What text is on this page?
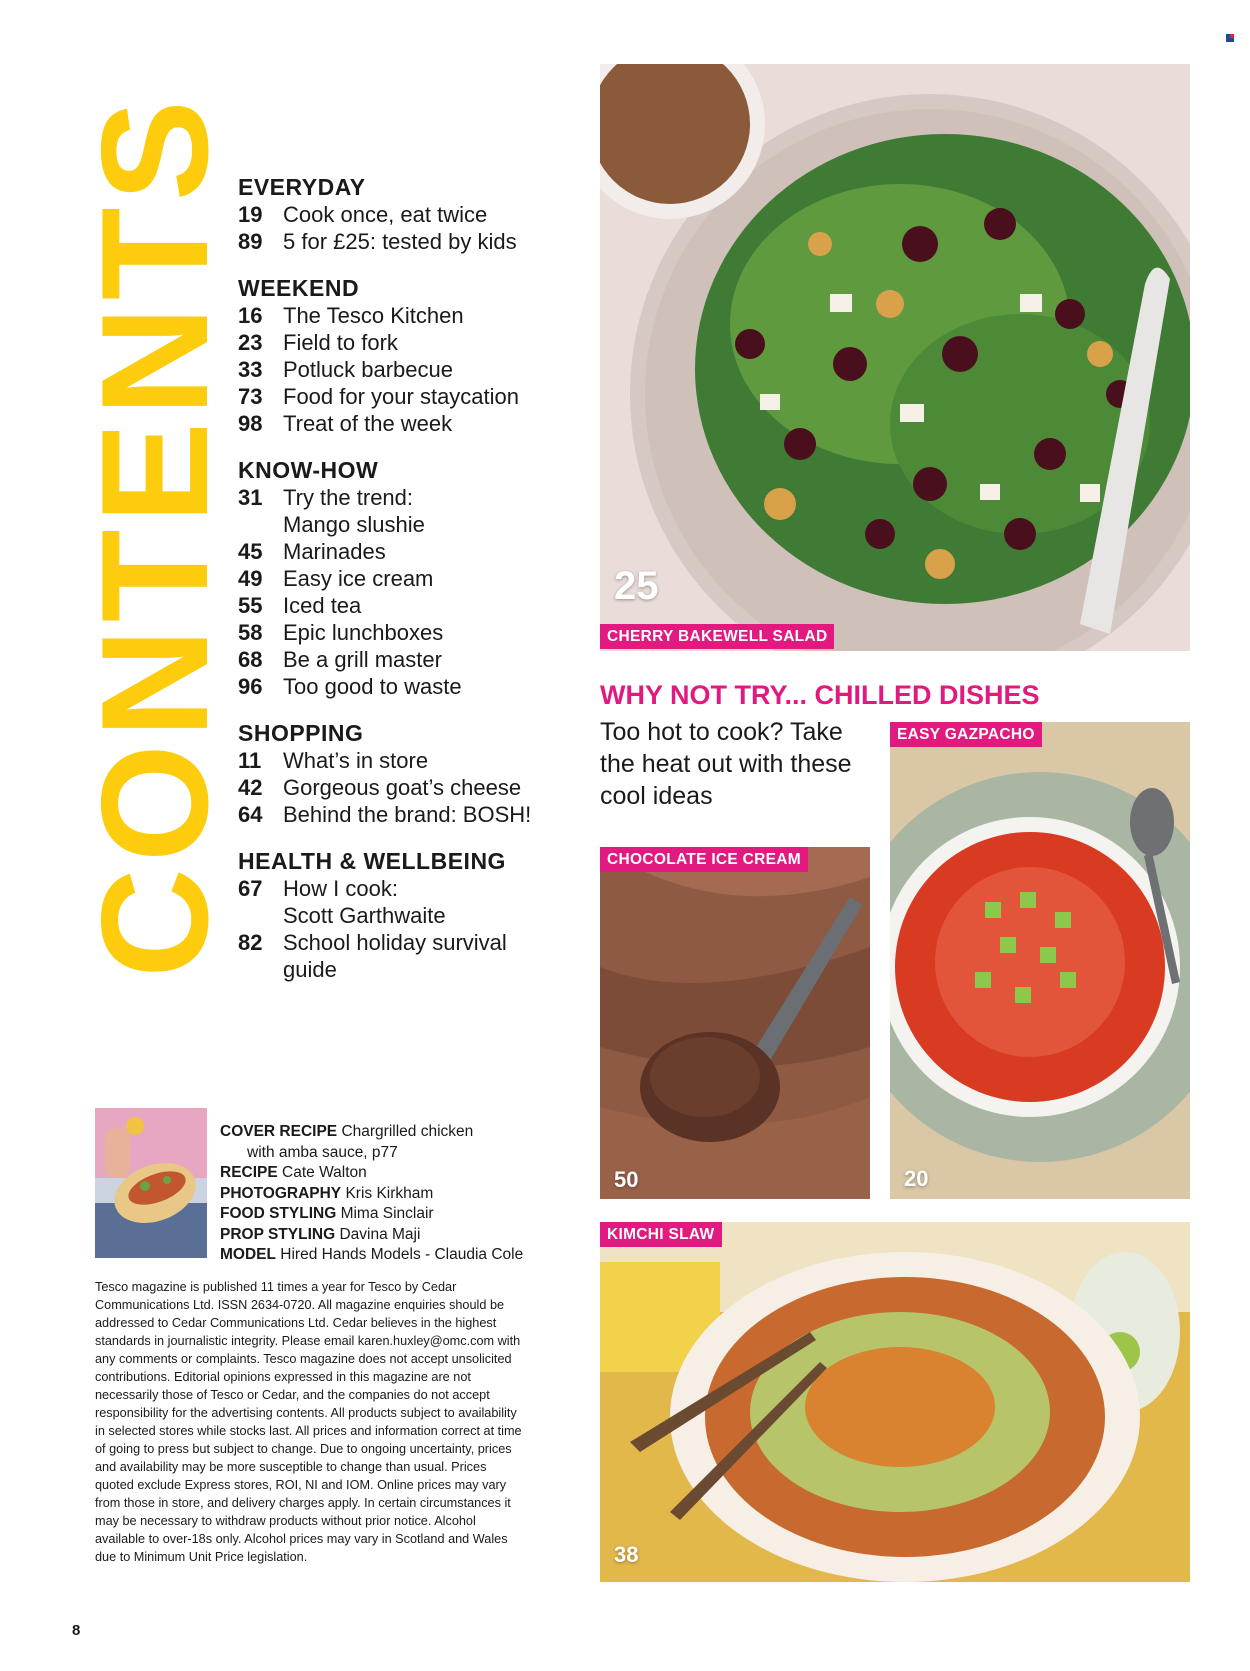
CONTENTS
EVERYDAY
19 Cook once, eat twice
89 5 for £25: tested by kids
WEEKEND
16 The Tesco Kitchen
23 Field to fork
33 Potluck barbecue
73 Food for your staycation
98 Treat of the week
KNOW-HOW
31 Try the trend:
Mango slushie
45 Marinades
49 Easy ice cream
55 Iced tea
58 Epic lunchboxes
68 Be a grill master
96 Too good to waste
SHOPPING
11 What’s in store
42 Gorgeous goat’s cheese
64 Behind the brand: BOSH!
HEALTH & WELLBEING
67 How I cook:
Scott Garthwaite
82 School holiday survival
guide
COVER RECIPE Chargrilled chicken
with amba sauce, p77
RECIPE Cate Walton
PHOTOGRAPHY Kris Kirkham
FOOD STYLING Mima Sinclair
PROP STYLING Davina Maji
MODEL Hired Hands Models - Claudia Cole
Tesco magazine is published 11 times a year for Tesco by Cedar Communications Ltd. ISSN 2634-0720. All magazine enquiries should be addressed to Cedar Communications Ltd. Cedar believes in the highest standards in journalistic integrity. Please email karen.huxley@omc.com with any comments or complaints. Tesco magazine does not accept unsolicited contributions. Editorial opinions expressed in this magazine are not necessarily those of Tesco or Cedar, and the companies do not accept responsibility for the advertising contents. All products subject to availability in selected stores while stocks last. All prices and information correct at time of going to press but subject to change. Due to ongoing uncertainty, prices and availability may be more susceptible to change than usual. Prices quoted exclude Express stores, ROI, NI and IOM. Online prices may vary from those in store, and delivery charges apply. In certain circumstances it may be necessary to withdraw products without prior notice. Alcohol available to over-18s only. Alcohol prices may vary in Scotland and Wales due to Minimum Unit Price legislation.
8
25
CHERRY BAKEWELL SALAD
WHY NOT TRY... CHILLED DISHES
Too hot to cook? Take the heat out with these cool ideas
CHOCOLATE ICE CREAM
50
EASY GAZPACHO
20
KIMCHI SLAW
38
